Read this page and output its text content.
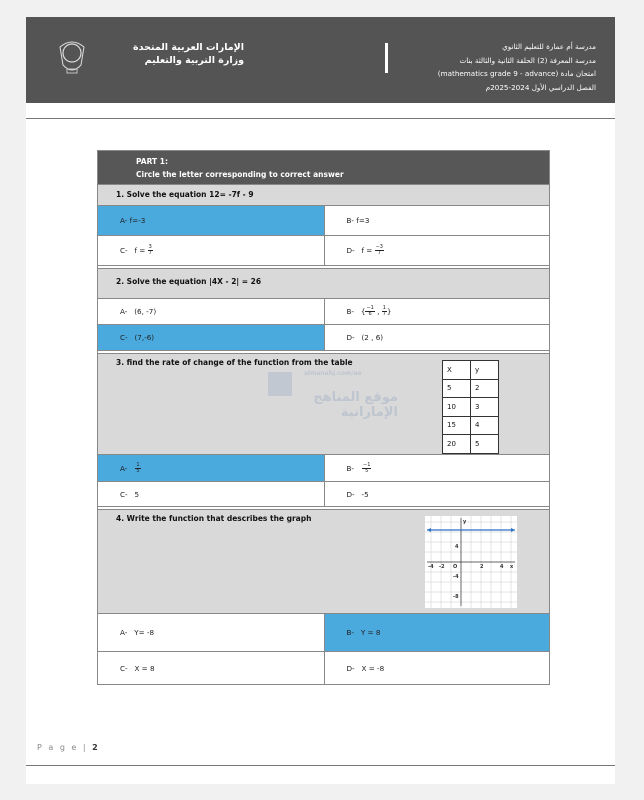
الإمارات العربية المتحدة
وزارة التربية والتعليم
مدرسة أم عمارة للتعليم الثانوي
مدرسة المعرفة (2) الحلقة الثانية والثالثة بنات
امتحان مادة (mathematics grade 9 - advance)
الفصل الدراسي الأول 2024-2025م
PART 1:
Circle the letter corresponding to correct answer
1. Solve the equation 12= -7f - 9
A- f=-3	B- f=3
C-   $f = \frac{3}{7}$	D-   $f = \frac{-3}{7}$
2. Solve the equation |4X - 2| = 26
A-   (6, -7)	B-   { $\frac{-1}{6}$ , $\frac{1}{7}$ }
C-   (7,-6)	D-   (2 , 6)
3. find the rate of change of the function from the table
almanahj.com/ae
موقع المناهج الإماراتية
X	y
5	2
10	3
15	4
20	5
$A- \frac{1}{5}$	$B- \frac{-1}{5}$
C-   5	D-   -5
4. Write the function that describes the graph
-4 -2 O	2	4 x
y
4
-4
-8
A-   Y= -8	B-   Y = 8
C-   X = 8	D-   X = -8
P a g e | 2
